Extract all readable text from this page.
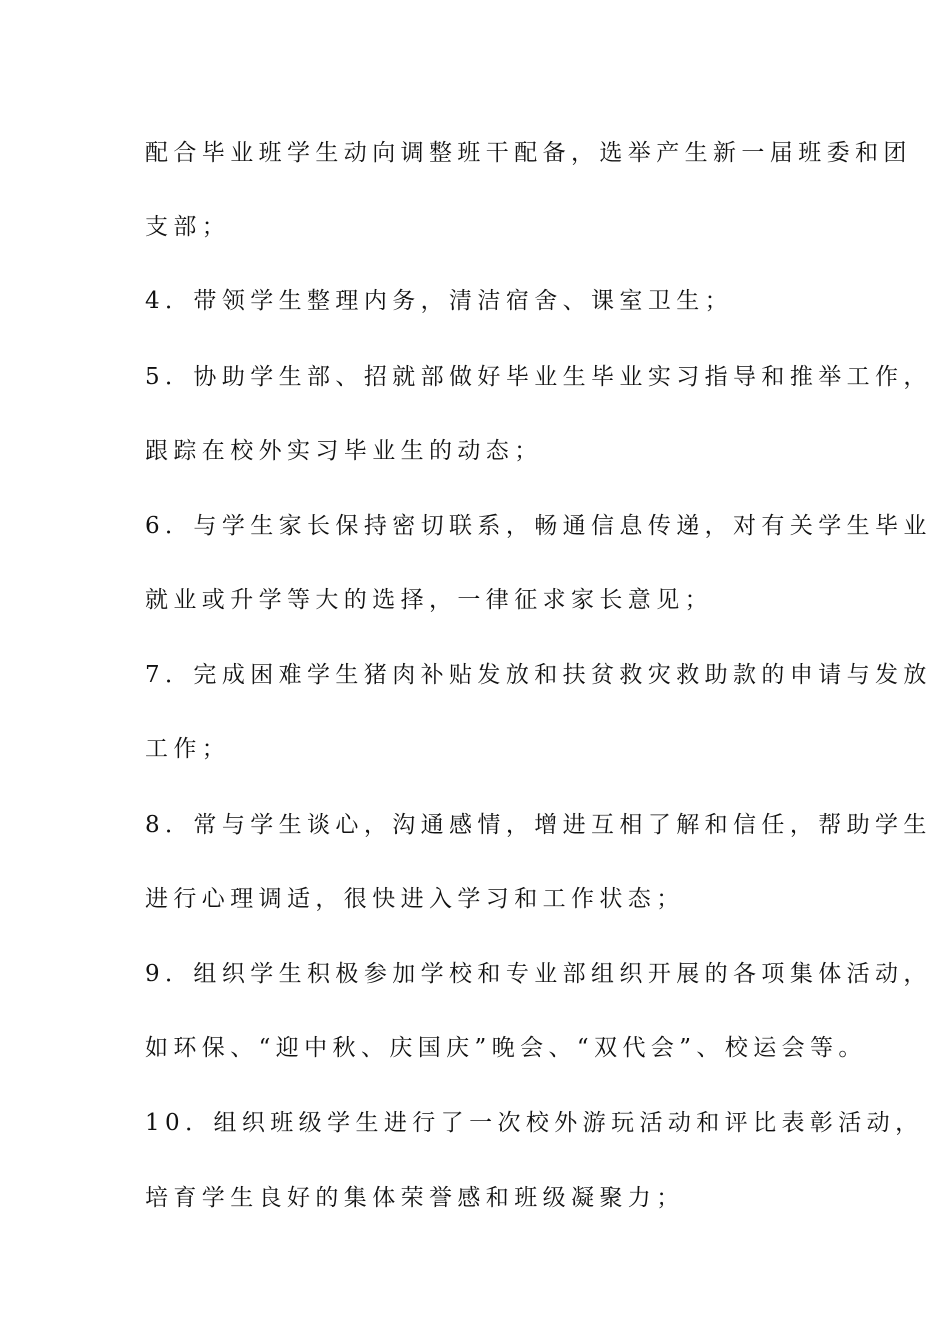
配合毕业班学生动向调整班干配备，选举产生新一届班委和团
支部；
4．带领学生整理内务，清洁宿舍、课室卫生；
5．协助学生部、招就部做好毕业生毕业实习指导和推举工作，
跟踪在校外实习毕业生的动态；
6．与学生家长保持密切联系，畅通信息传递，对有关学生毕业
就业或升学等大的选择，一律征求家长意见；
7．完成困难学生猪肉补贴发放和扶贫救灾救助款的申请与发放
工作；
8．常与学生谈心，沟通感情，增进互相了解和信任，帮助学生
进行心理调适，很快进入学习和工作状态；
9．组织学生积极参加学校和专业部组织开展的各项集体活动，
如环保、“迎中秋、庆国庆”晚会、“双代会”、校运会等。
10．组织班级学生进行了一次校外游玩活动和评比表彰活动，
培育学生良好的集体荣誉感和班级凝聚力；
